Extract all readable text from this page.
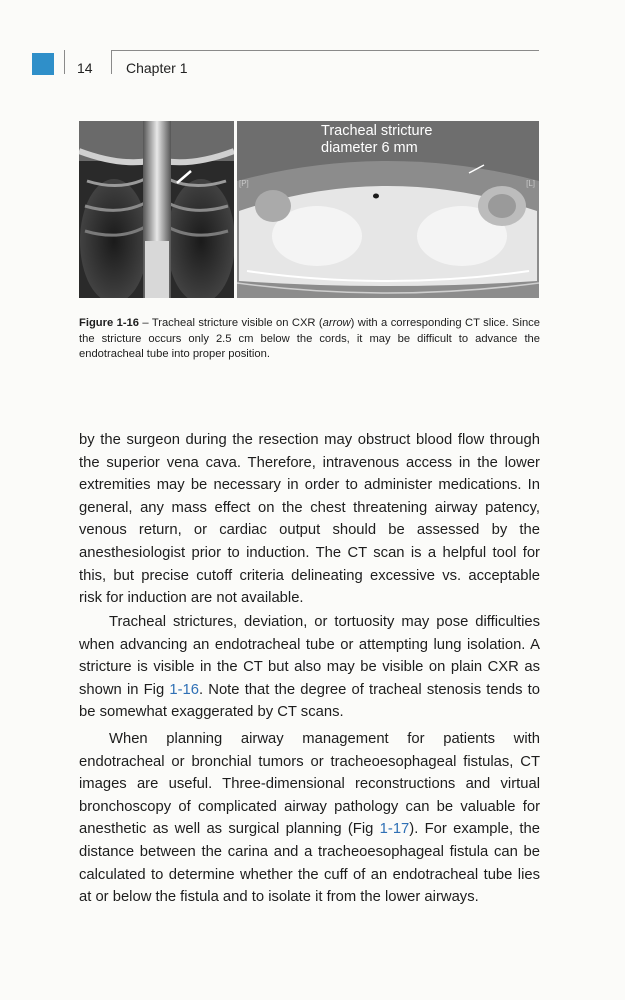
14 Chapter 1
Tracheal stricture
diameter 6 mm
[P]	[L]
Figure 1-16 – Tracheal stricture visible on CXR (arrow) with a corresponding CT slice. Since the stricture occurs only 2.5 cm below the cords, it may be difficult to advance the endotracheal tube into proper position.

by the surgeon during the resection may obstruct blood flow through the superior vena cava. Therefore, intravenous access in the lower extremities may be necessary in order to administer medications. In general, any mass effect on the chest threatening airway patency, venous return, or cardiac output should be assessed by the anesthesiologist prior to induction. The CT scan is a helpful tool for this, but precise cutoff criteria delineating excessive vs. acceptable risk for induction are not available.

Tracheal strictures, deviation, or tortuosity may pose difficulties when advancing an endotracheal tube or attempting lung isolation. A stricture is visible in the CT but also may be visible on plain CXR as shown in Fig 1-16. Note that the degree of tracheal stenosis tends to be somewhat exaggerated by CT scans.

When planning airway management for patients with endotracheal or bronchial tumors or tracheoesophageal fistulas, CT images are useful. Three-dimensional reconstructions and virtual bronchoscopy of complicated airway pathology can be valuable for anesthetic as well as surgical planning (Fig 1-17). For example, the distance between the carina and a tracheoesophageal fistula can be calculated to determine whether the cuff of an endotracheal tube lies at or below the fistula and to isolate it from the lower airways.
